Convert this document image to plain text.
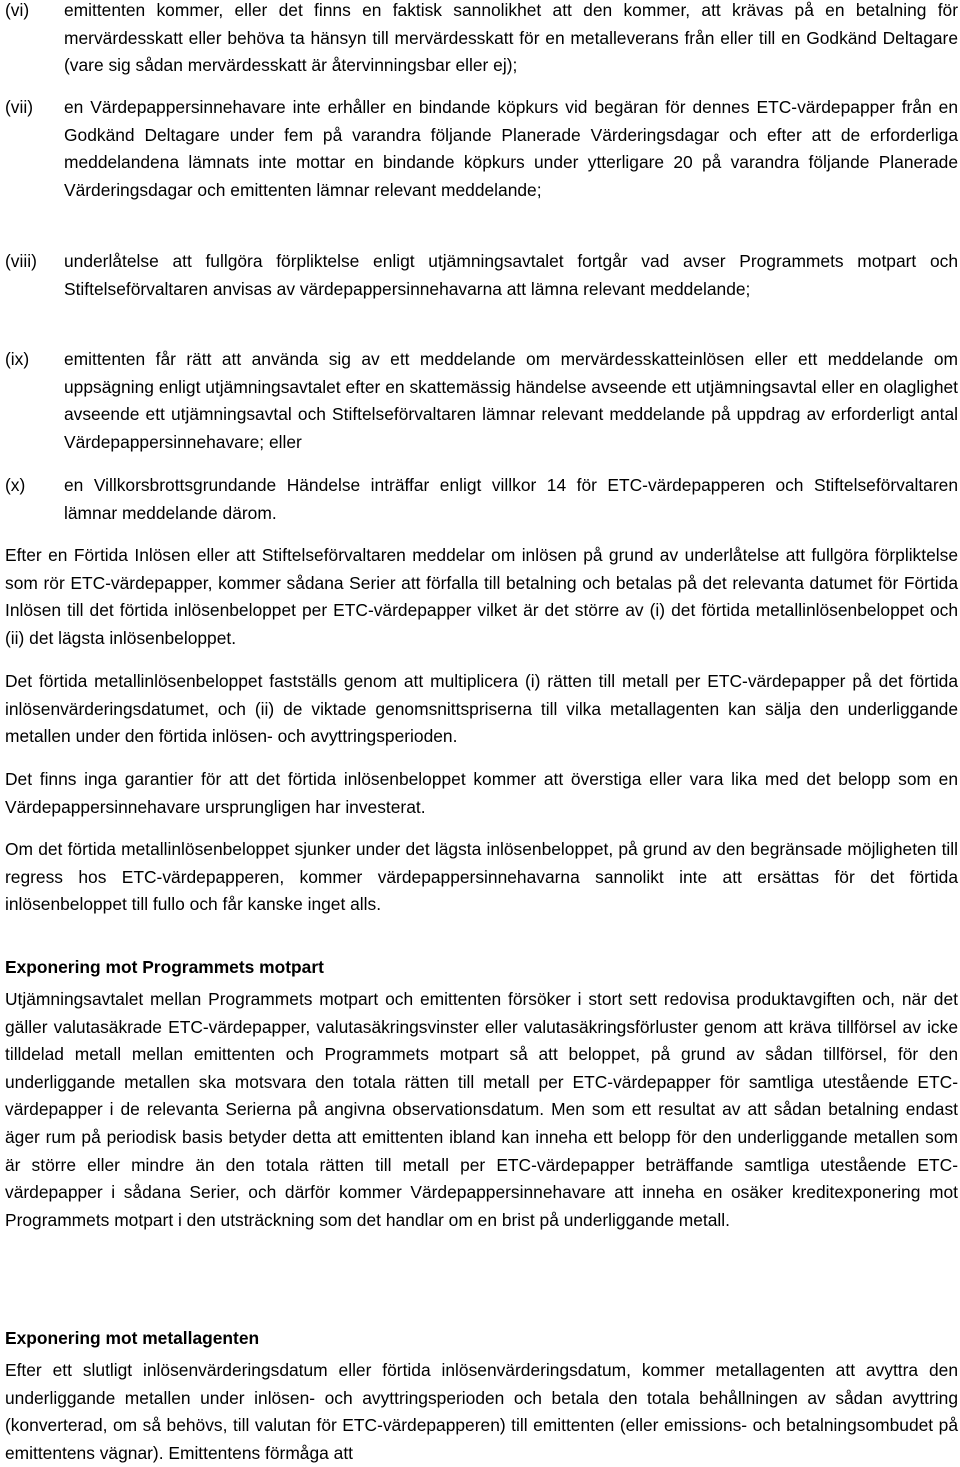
(vi)	emittenten kommer, eller det finns en faktisk sannolikhet att den kommer, att krävas på en betalning för mervärdesskatt eller behöva ta hänsyn till mervärdesskatt för en metalleverans från eller till en Godkänd Deltagare (vare sig sådan mervärdesskatt är återvinningsbar eller ej);
(vii)	en Värdepappersinnehavare inte erhåller en bindande köpkurs vid begäran för dennes ETC-värdepapper från en Godkänd Deltagare under fem på varandra följande Planerade Värderingsdagar och efter att de erforderliga meddelandena lämnats inte mottar en bindande köpkurs under ytterligare 20 på varandra följande Planerade Värderingsdagar och emittenten lämnar relevant meddelande;
(viii)	underlåtelse att fullgöra förpliktelse enligt utjämningsavtalet fortgår vad avser Programmets motpart och Stiftelseförvaltaren anvisas av värdepappersinnehavarna att lämna relevant meddelande;
(ix)	emittenten får rätt att använda sig av ett meddelande om mervärdesskatteinlösen eller ett meddelande om uppsägning enligt utjämningsavtalet efter en skattemässig händelse avseende ett utjämningsavtal eller en olaglighet avseende ett utjämningsavtal och Stiftelseförvaltaren lämnar relevant meddelande på uppdrag av erforderligt antal Värdepappersinnehavare; eller
(x)	en Villkorsbrottsgrundande Händelse inträffar enligt villkor 14 för ETC-värdepapperen och Stiftelseförvaltaren lämnar meddelande därom.

Efter en Förtida Inlösen eller att Stiftelseförvaltaren meddelar om inlösen på grund av underlåtelse att fullgöra förpliktelse som rör ETC-värdepapper, kommer sådana Serier att förfalla till betalning och betalas på det relevanta datumet för Förtida Inlösen till det förtida inlösenbeloppet per ETC-värdepapper vilket är det större av (i) det förtida metallinlösenbeloppet och (ii) det lägsta inlösenbeloppet.

Det förtida metallinlösenbeloppet fastställs genom att multiplicera (i) rätten till metall per ETC-värdepapper på det förtida inlösenvärderingsdatumet, och (ii) de viktade genomsnittspriserna till vilka metallagenten kan sälja den underliggande metallen under den förtida inlösen- och avyttringsperioden.

Det finns inga garantier för att det förtida inlösenbeloppet kommer att överstiga eller vara lika med det belopp som en Värdepappersinnehavare ursprungligen har investerat.

Om det förtida metallinlösenbeloppet sjunker under det lägsta inlösenbeloppet, på grund av den begränsade möjligheten till regress hos ETC-värdepapperen, kommer värdepappersinnehavarna sannolikt inte att ersättas för det förtida inlösenbeloppet till fullo och får kanske inget alls.

Exponering mot Programmets motpart

Utjämningsavtalet mellan Programmets motpart och emittenten försöker i stort sett redovisa produktavgiften och, när det gäller valutasäkrade ETC-värdepapper, valutasäkringsvinster eller valutasäkringsförluster genom att kräva tillförsel av icke tilldelad metall mellan emittenten och Programmets motpart så att beloppet, på grund av sådan tillförsel, för den underliggande metallen ska motsvara den totala rätten till metall per ETC-värdepapper för samtliga utestående ETC-värdepapper i de relevanta Serierna på angivna observationsdatum. Men som ett resultat av att sådan betalning endast äger rum på periodisk basis betyder detta att emittenten ibland kan inneha ett belopp för den underliggande metallen som är större eller mindre än den totala rätten till metall per ETC-värdepapper beträffande samtliga utestående ETC-värdepapper i sådana Serier, och därför kommer Värdepappersinnehavare att inneha en osäker kreditexponering mot Programmets motpart i den utsträckning som det handlar om en brist på underliggande metall.

Exponering mot metallagenten

Efter ett slutligt inlösenvärderingsdatum eller förtida inlösenvärderingsdatum, kommer metallagenten att avyttra den underliggande metallen under inlösen- och avyttringsperioden och betala den totala behållningen av sådan avyttring (konverterad, om så behövs, till valutan för ETC-värdepapperen) till emittenten (eller emissions- och betalningsombudet på emittentens vägnar). Emittentens förmåga att
